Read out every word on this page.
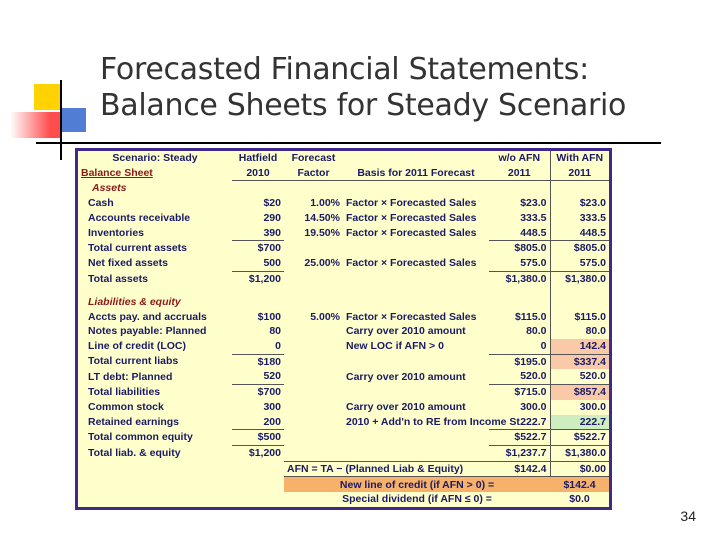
Forecasted Financial Statements:
Balance Sheets for Steady Scenario
Scenario: Steady	Hatfield	Forecast		w/o AFN	With AFN
Balance Sheet	2010	Factor	Basis for 2011 Forecast	2011	2011
Assets					
Cash	$20	1.00%	Factor × Forecasted Sales	$23.0	$23.0
Accounts receivable	290	14.50%	Factor × Forecasted Sales	333.5	333.5
Inventories	390	19.50%	Factor × Forecasted Sales	448.5	448.5
Total current assets	$700			$805.0	$805.0
Net fixed assets	500	25.00%	Factor × Forecasted Sales	575.0	575.0
Total assets	$1,200			$1,380.0	$1,380.0

Liabilities & equity					
Accts pay. and accruals	$100	5.00%	Factor × Forecasted Sales	$115.0	$115.0
Notes payable: Planned	80		Carry over 2010 amount	80.0	80.0
Line of credit (LOC)	0		New LOC if AFN > 0	0	142.4
Total current liabs	$180			$195.0	$337.4
LT debt: Planned	520		Carry over 2010 amount	520.0	520.0
Total liabilities	$700			$715.0	$857.4
Common stock	300		Carry over 2010 amount	300.0	300.0
Retained earnings	200		2010 + Add'n to RE from Income St.	222.7	222.7
Total common equity	$500			$522.7	$522.7
Total liab. & equity	$1,200			$1,237.7	$1,380.0
		AFN = TA − (Planned Liab & Equity)		$142.4	$0.00
		New line of credit (if AFN > 0) =			$142.4
		Special dividend (if AFN ≤ 0) =			$0.0
34
